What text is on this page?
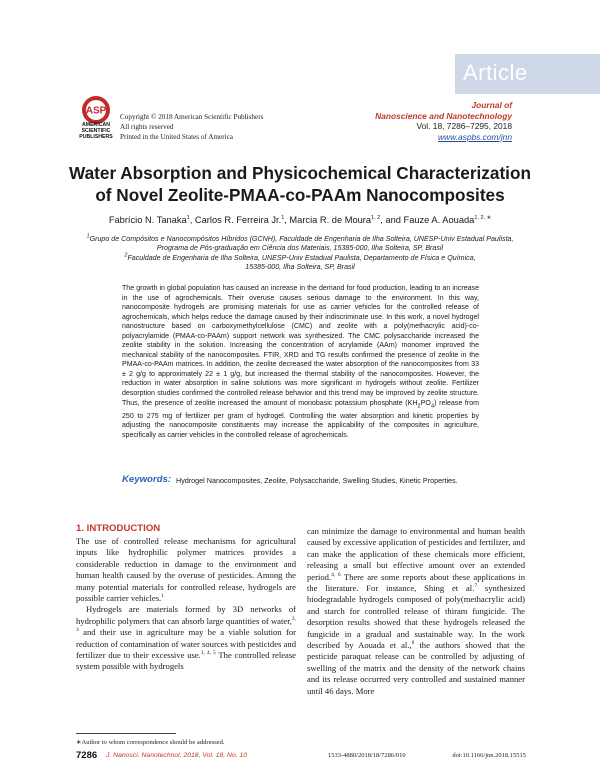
Article
ASP
AMERICAN
SCIENTIFIC
PUBLISHERS
Copyright © 2018 American Scientific Publishers
All rights reserved
Printed in the United States of America
Journal of
Nanoscience and Nanotechnology
Vol. 18, 7286–7295, 2018
www.aspbs.com/jnn
Water Absorption and Physicochemical Characterization
of Novel Zeolite-PMAA-co-PAAm Nanocomposites
Fabrício N. Tanaka$^1$, Carlos R. Ferreira Jr.$^1$, Marcia R. de Moura$^{1, 2}$, and Fauze A. Aouada$^{1, 2, ∗}$
$^1$Grupo de Compósitos e Nanocompósitos Híbridos (GCNH), Faculdade de Engenharia de Ilha Solteira, UNESP-Univ Estadual Paulista,
Programa de Pós-graduação em Ciência dos Materiais, 15385-000, Ilha Solteira, SP, Brasil
$^2$Faculdade de Engenharia de Ilha Solteira, UNESP-Univ Estadual Paulista, Departamento de Física e Química,
15385-000, Ilha Solteira, SP, Brasil
The growth in global population has caused an increase in the demand for food production, leading to an increase in the use of agrochemicals. Their overuse causes serious damage to the environment. In this way, nanocomposite hydrogels are promising materials for use as carrier vehicles for the controlled release of agrochemicals, which helps reduce the damage caused by their indiscriminate use. In this work, a novel hydrogel nanostructure based on carboxymethylcellulose (CMC) and zeolite with a poly(methacrylic acid)-co-polyacrylamide (PMAA-co-PAAm) support network was synthesized. The CMC polysaccharide increased the zeolite stability in the solution. Increasing the concentration of acrylamide (AAm) monomer improved the mechanical stability of the nanocomposites. FTIR, XRD and TG results confirmed the presence of zeolite in the PMAA-co-PAAm matrices. In addition, the zeolite decreased the water absorption of the nanocomposites from 33 ± 2 g/g to approximately 22 ± 1 g/g, but increased the thermal stability of the nanocomposites. However, the reduction in water absorption in saline solutions was more significant in hydrogels without zeolite. Fertilizer desorption studies confirmed the controlled release behavior and this trend may be improved by zeolite structure. Thus, the presence of zeolite increased the amount of monobasic potassium phosphate $(KH_2PO_4)$ release from 250 to 275 mg of fertilizer per gram of hydrogel. Controlling the water absorption and kinetic properties by adjusting the nanocomposite constituents may increase the applicability of the composites in agriculture, specifically as carrier vehicles in the controlled release of agrochemicals.
Keywords: Hydrogel Nanocomposites, Zeolite, Polysaccharide, Swelling Studies, Kinetic Properties.
1. INTRODUCTION

The use of controlled release mechanisms for agricultural inputs like hydrophilic polymer matrices provides a considerable reduction in damage to the environment and human health caused by the overuse of pesticides. Among the many potential materials for controlled release, hydrogels are possible carrier vehicles.$^1$

Hydrogels are materials formed by 3D networks of hydrophilic polymers that can absorb large quantities of water,$^{2, 3}$ and their use in agriculture may be a viable solution for reduction of contamination of water sources with pesticides and fertilizer due to their excessive use.$^{1, 4, 5}$ The controlled release system possible with hydrogels

can minimize the damage to environmental and human health caused by excessive application of pesticides and fertilizer, and can make the application of these chemicals more efficient, releasing a small but effective amount over an extended period.$^{4, 6}$ There are some reports about these applications in the literature. For instance, Shing et al.$^7$ synthesized biodegradable hydrogels composed of poly(methacrylic acid) and starch for controlled release of thiram fungicide. The desorption results showed that these hydrogels released the fungicide in a gradual and sustainable way. In the work described by Aouada et al.,$^8$ the authors showed that the pesticide paraquat release can be controlled by adjusting of swelling of the matrix and the density of the network chains and its release occurred very controlled and sustained manner until 46 days. More

∗Author to whom correspondence should be addressed.
7286 J. Nanosci. Nanotechnol. 2018, Vol. 18, No. 10	1533-4880/2018/18/7286/010	doi:10.1166/jnn.2018.15515
